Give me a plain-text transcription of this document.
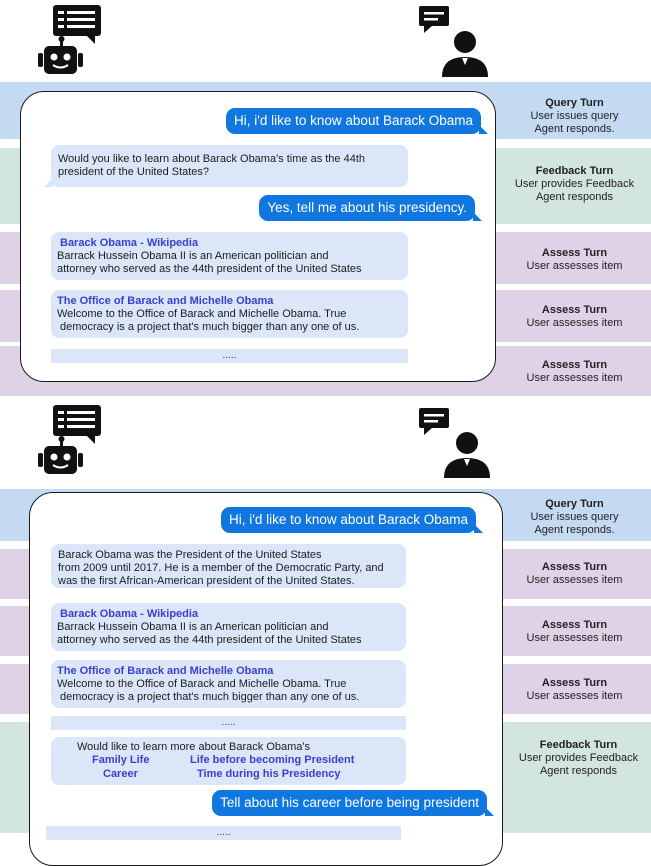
Query Turn
User issues query
Agent responds.
Feedback Turn
User provides Feedback
Agent responds
Assess Turn
User assesses item
Assess Turn
User assesses item
Assess Turn
User assesses item
Hi, i'd like to know about Barack Obama
Would you like to learn about Barack Obama's time as the 44th
president of the United States?
Yes, tell me about his presidency.
Barack Obama - Wikipedia
Barrack Hussein Obama II is an American politician and
attorney who served as the 44th president of the United States
The Office of Barack and Michelle Obama
Welcome to the Office of Barack and Michelle Obama. True
democracy is a project that's much bigger than any one of us.
.....
Query Turn
User issues query
Agent responds.
Assess Turn
User assesses item
Assess Turn
User assesses item
Assess Turn
User assesses item
Feedback Turn
User provides Feedback
Agent responds
Hi, i'd like to know about Barack Obama
Barack Obama was the President of the United States
from 2009 until 2017. He is a member of the Democratic Party, and
was the first African-American president of the United States.
Barack Obama - Wikipedia
Barrack Hussein Obama II is an American politician and
attorney who served as the 44th president of the United States
The Office of Barack and Michelle Obama
Welcome to the Office of Barack and Michelle Obama. True
democracy is a project that's much bigger than any one of us.
.....
Would like to learn more about Barack Obama's
Family Life	Life before becoming President
Career	Time during his Presidency
Tell about his career before being president
.....
